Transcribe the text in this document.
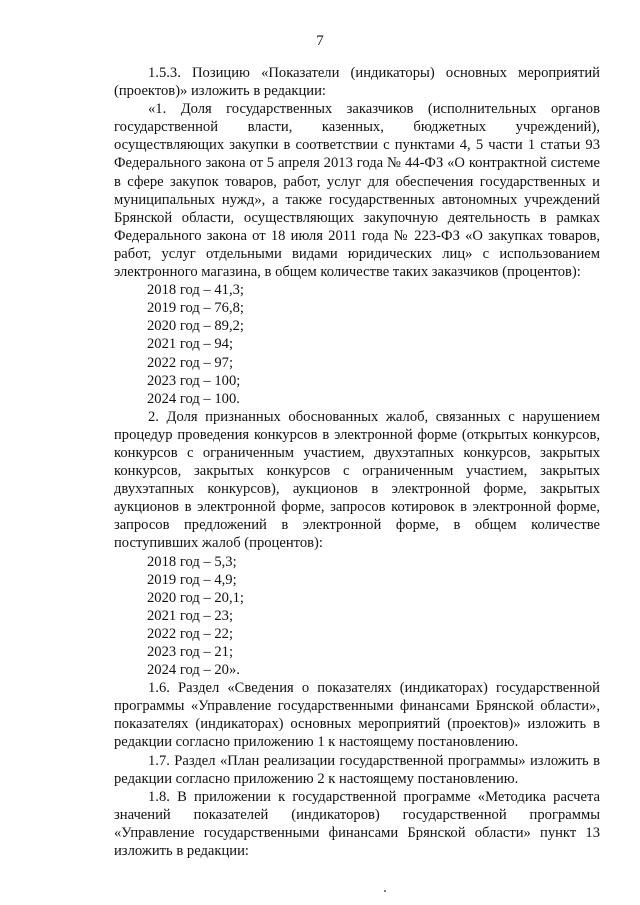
7

1.5.3. Позицию «Показатели (индикаторы) основных мероприятий (проектов)» изложить в редакции:

«1. Доля государственных заказчиков (исполнительных органов государственной власти, казенных, бюджетных учреждений), осуществляющих закупки в соответствии с пунктами 4, 5 части 1 статьи 93 Федерального закона от 5 апреля 2013 года № 44-ФЗ «О контрактной системе в сфере закупок товаров, работ, услуг для обеспечения государственных и муниципальных нужд», а также государственных автономных учреждений Брянской области, осуществляющих закупочную деятельность в рамках Федерального закона от 18 июля 2011 года № 223-ФЗ «О закупках товаров, работ, услуг отдельными видами юридических лиц» с использованием электронного магазина, в общем количестве таких заказчиков (процентов):

2018 год – 41,3;
2019 год – 76,8;
2020 год – 89,2;
2021 год – 94;
2022 год – 97;
2023 год – 100;
2024 год – 100.

2. Доля признанных обоснованных жалоб, связанных с нарушением процедур проведения конкурсов в электронной форме (открытых конкурсов, конкурсов с ограниченным участием, двухэтапных конкурсов, закрытых конкурсов, закрытых конкурсов с ограниченным участием, закрытых двухэтапных конкурсов), аукционов в электронной форме, закрытых аукционов в электронной форме, запросов котировок в электронной форме, запросов предложений в электронной форме, в общем количестве поступивших жалоб (процентов):

2018 год – 5,3;
2019 год – 4,9;
2020 год – 20,1;
2021 год – 23;
2022 год – 22;
2023 год – 21;
2024 год – 20».

1.6. Раздел «Сведения о показателях (индикаторах) государственной программы «Управление государственными финансами Брянской области», показателях (индикаторах) основных мероприятий (проектов)» изложить в редакции согласно приложению 1 к настоящему постановлению.

1.7. Раздел «План реализации государственной программы» изложить в редакции согласно приложению 2 к настоящему постановлению.

1.8. В приложении к государственной программе «Методика расчета значений показателей (индикаторов) государственной программы «Управление государственными финансами Брянской области» пункт 13 изложить в редакции:
